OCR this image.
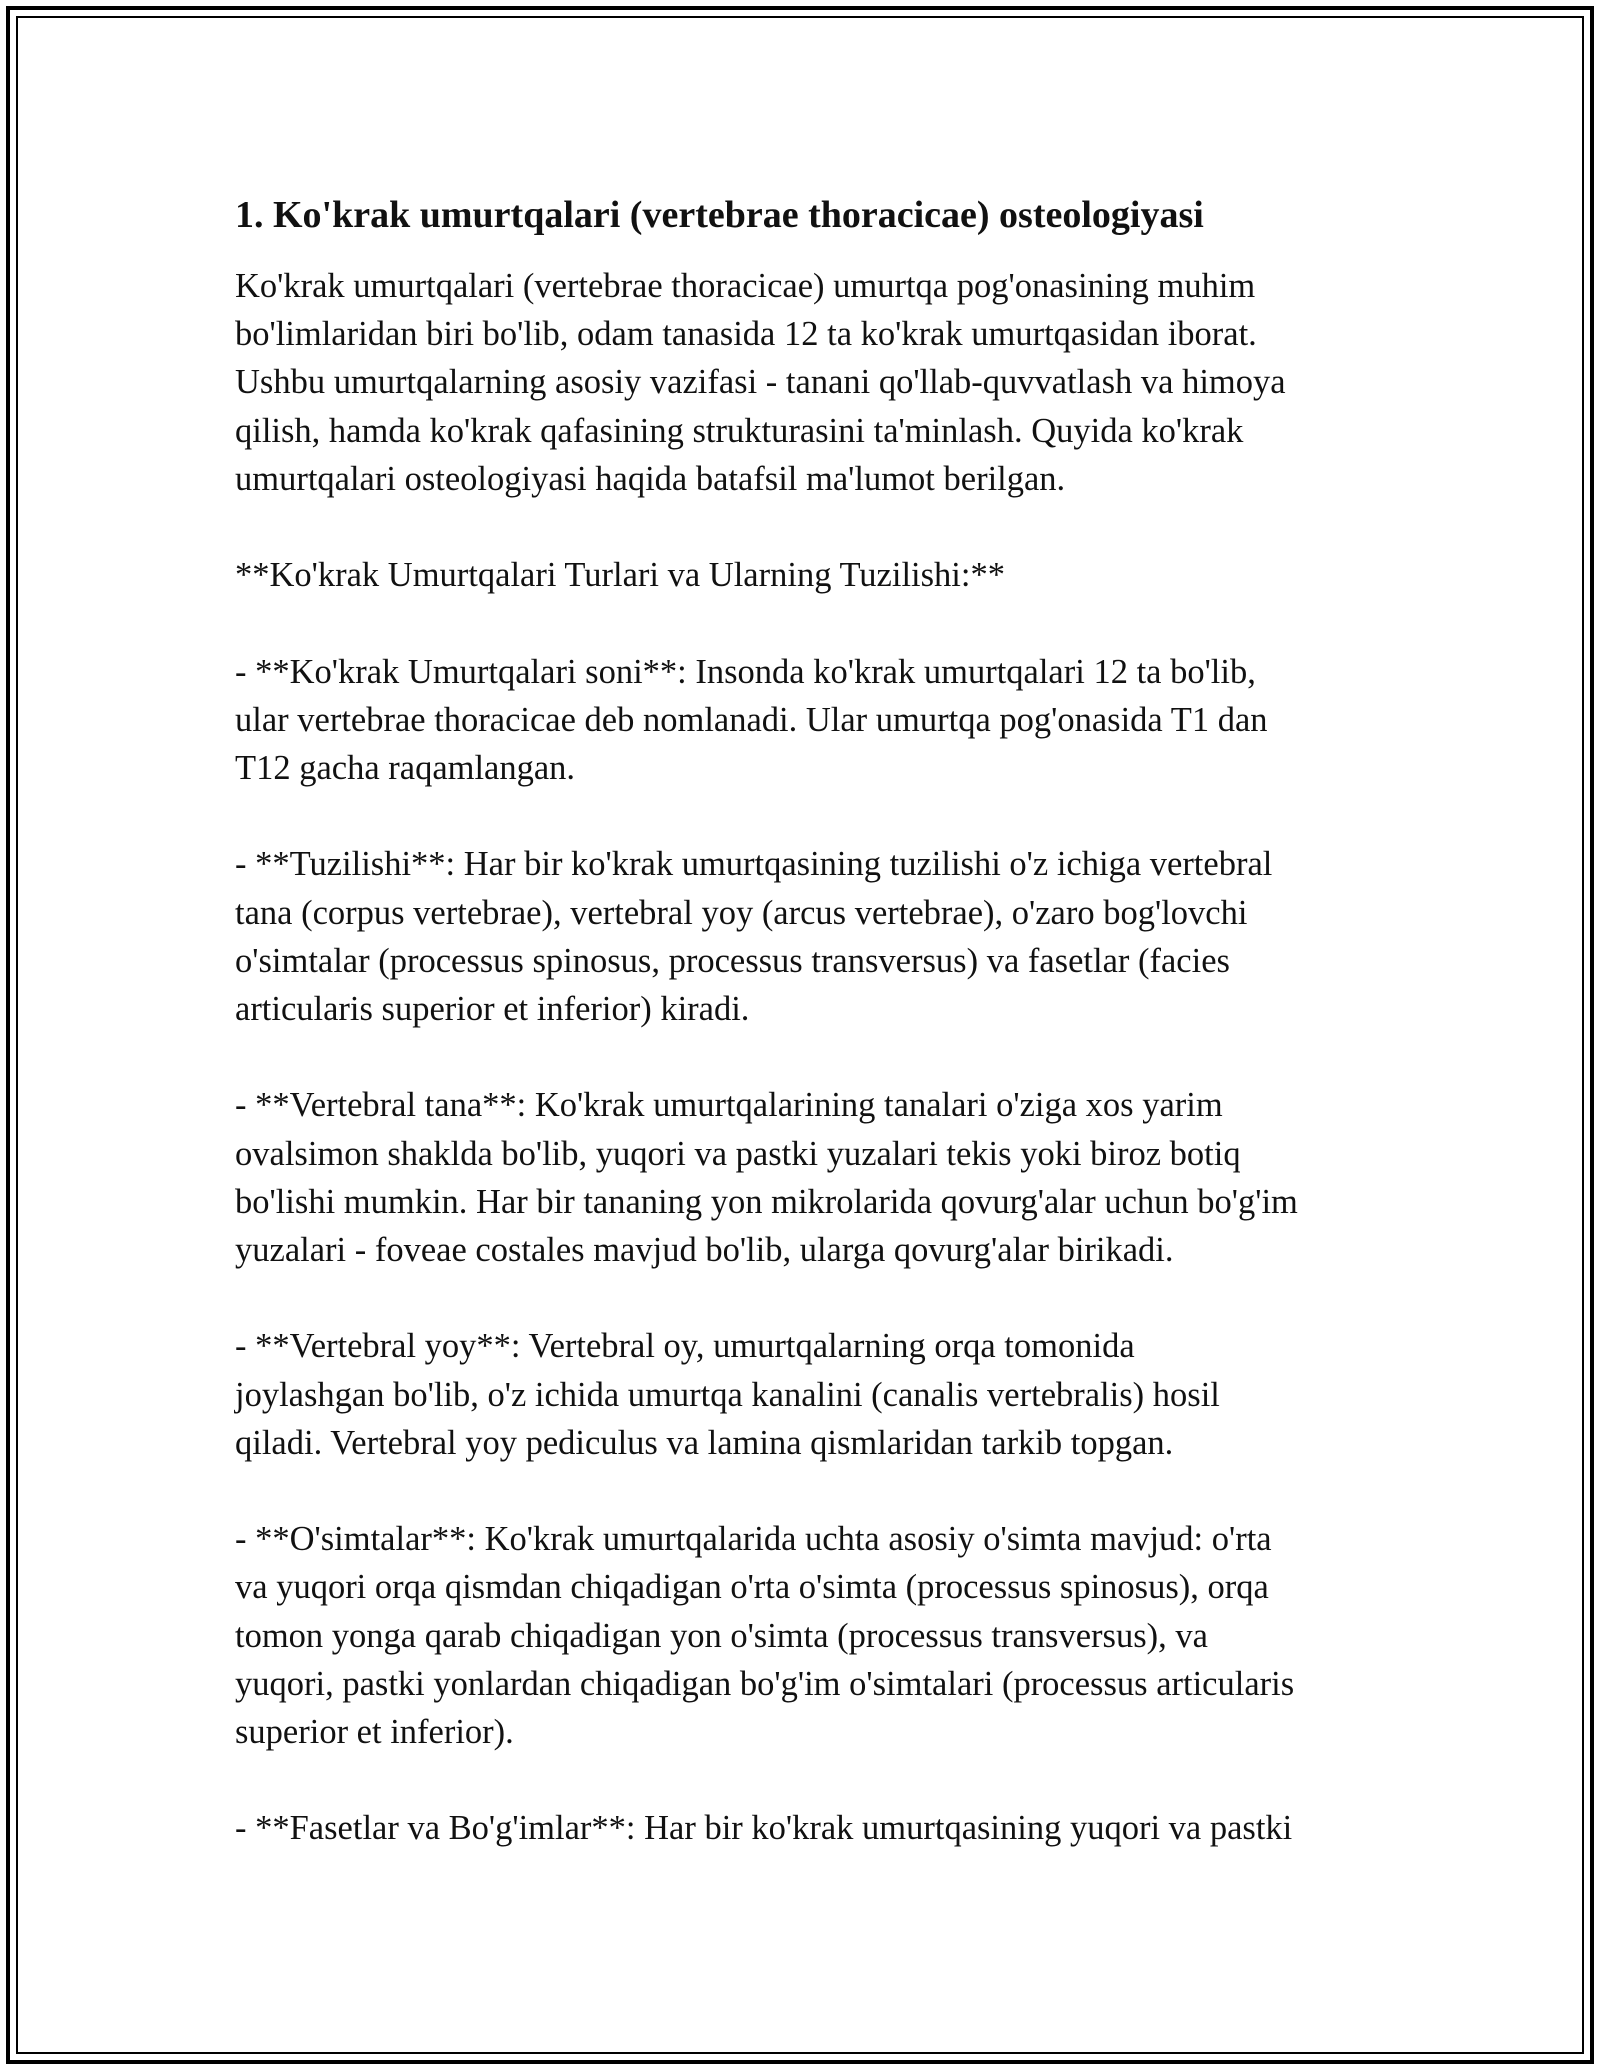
1. Ko'krak umurtqalari (vertebrae thoracicae) osteologiyasi
Ko'krak umurtqalari (vertebrae thoracicae) umurtqa pog'onasining muhim
bo'limlaridan biri bo'lib, odam tanasida 12 ta ko'krak umurtqasidan iborat.
Ushbu umurtqalarning asosiy vazifasi - tanani qo'llab-quvvatlash va himoya
qilish, hamda ko'krak qafasining strukturasini ta'minlash. Quyida ko'krak
umurtqalari osteologiyasi haqida batafsil ma'lumot berilgan.
**Ko'krak Umurtqalari Turlari va Ularning Tuzilishi:**
- **Ko'krak Umurtqalari soni**: Insonda ko'krak umurtqalari 12 ta bo'lib,
ular vertebrae thoracicae deb nomlanadi. Ular umurtqa pog'onasida T1 dan
T12 gacha raqamlangan.
- **Tuzilishi**: Har bir ko'krak umurtqasining tuzilishi o'z ichiga vertebral
tana (corpus vertebrae), vertebral yoy (arcus vertebrae), o'zaro bog'lovchi
o'simtalar (processus spinosus, processus transversus) va fasetlar (facies
articularis superior et inferior) kiradi.
- **Vertebral tana**: Ko'krak umurtqalarining tanalari o'ziga xos yarim
ovalsimon shaklda bo'lib, yuqori va pastki yuzalari tekis yoki biroz botiq
bo'lishi mumkin. Har bir tananing yon mikrolarida qovurg'alar uchun bo'g'im
yuzalari - foveae costales mavjud bo'lib, ularga qovurg'alar birikadi.
- **Vertebral yoy**: Vertebral oy, umurtqalarning orqa tomonida
joylashgan bo'lib, o'z ichida umurtqa kanalini (canalis vertebralis) hosil
qiladi. Vertebral yoy pediculus va lamina qismlaridan tarkib topgan.
- **O'simtalar**: Ko'krak umurtqalarida uchta asosiy o'simta mavjud: o'rta
va yuqori orqa qismdan chiqadigan o'rta o'simta (processus spinosus), orqa
tomon yonga qarab chiqadigan yon o'simta (processus transversus), va
yuqori, pastki yonlardan chiqadigan bo'g'im o'simtalari (processus articularis
superior et inferior).
- **Fasetlar va Bo'g'imlar**: Har bir ko'krak umurtqasining yuqori va pastki
